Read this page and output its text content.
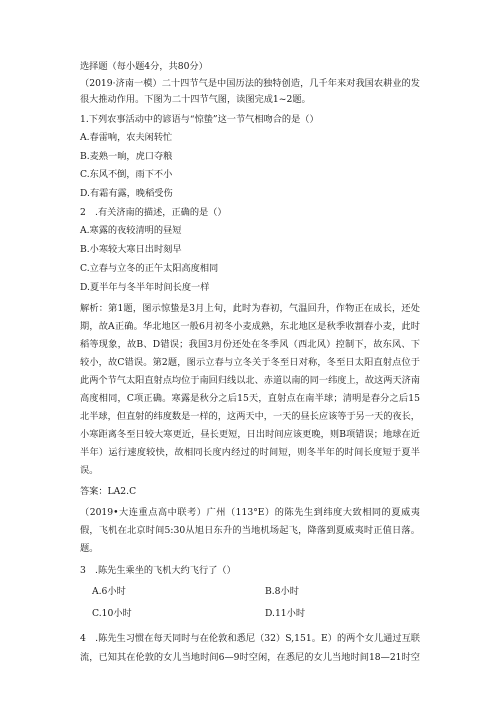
选择题（每小题4分，共80分）
（2019·济南一模）二十四节气是中国历法的独特创造，几千年来对我国农耕业的发
很大推动作用。下图为二十四节气图，读图完成1~2题。
1.下列农事活动中的谚语与“惊蛰”这一节气相吻合的是（）
A.春雷响，农夫闲转忙
B.麦熟一晌，虎口夺粮
C.东风不倒，雨下不小
D.有霜有露，晚稻受伤
2　.有关济南的描述，正确的是（）
A.寒露的夜较清明的昼短
B.小寒较大寒日出时刻早
C.立春与立冬的正午太阳高度相同
D.夏半年与冬半年时间长度一样
解析：第1题，图示惊蛰是3月上旬，此时为春初，气温回升，作物正在成长，还处
期，故A正确。华北地区一般6月初冬小麦成熟，东北地区是秋季收割春小麦，此时
稻等现象，故B、D错误；我国3月份还处在冬季风（西北风）控制下，故东风、下
较小，故C错误。第2题，图示立春与立冬关于冬至日对称，冬至日太阳直射点位于
此两个节气太阳直射点均位于南回归线以北、赤道以南的同一纬度上，故这两天济南
高度相同，C项正确。寒露是秋分之后15天，直射点在南半球；清明是春分之后15
北半球，但直射的纬度数是一样的，这两天中，一天的昼长应该等于另一天的夜长，
小寒距离冬至日较大寒更近，昼长更短，日出时间应该更晚，则B项错误；地球在近
半年）运行速度较快，故相同长度内经过的时间短，则冬半年的时间长度短于夏半
误。
答案：LA2.C
（2019•大连重点高中联考）广州（113°E）的陈先生到纬度大致相同的夏威夷
假，飞机在北京时间5:30从旭日东升的当地机场起飞，降落到夏威夷时正值日落。
题。
3　.陈先生乘坐的飞机大约飞行了（）
A.6小时	B.8小时
C.10小时	D.11小时
4　.陈先生习惯在每天同时与在伦敦和悉尼（32）S,151。E）的两个女儿通过互联
流，已知其在伦敦的女儿当地时间6—9时空闲，在悉尼的女儿当地时间18—21时空
